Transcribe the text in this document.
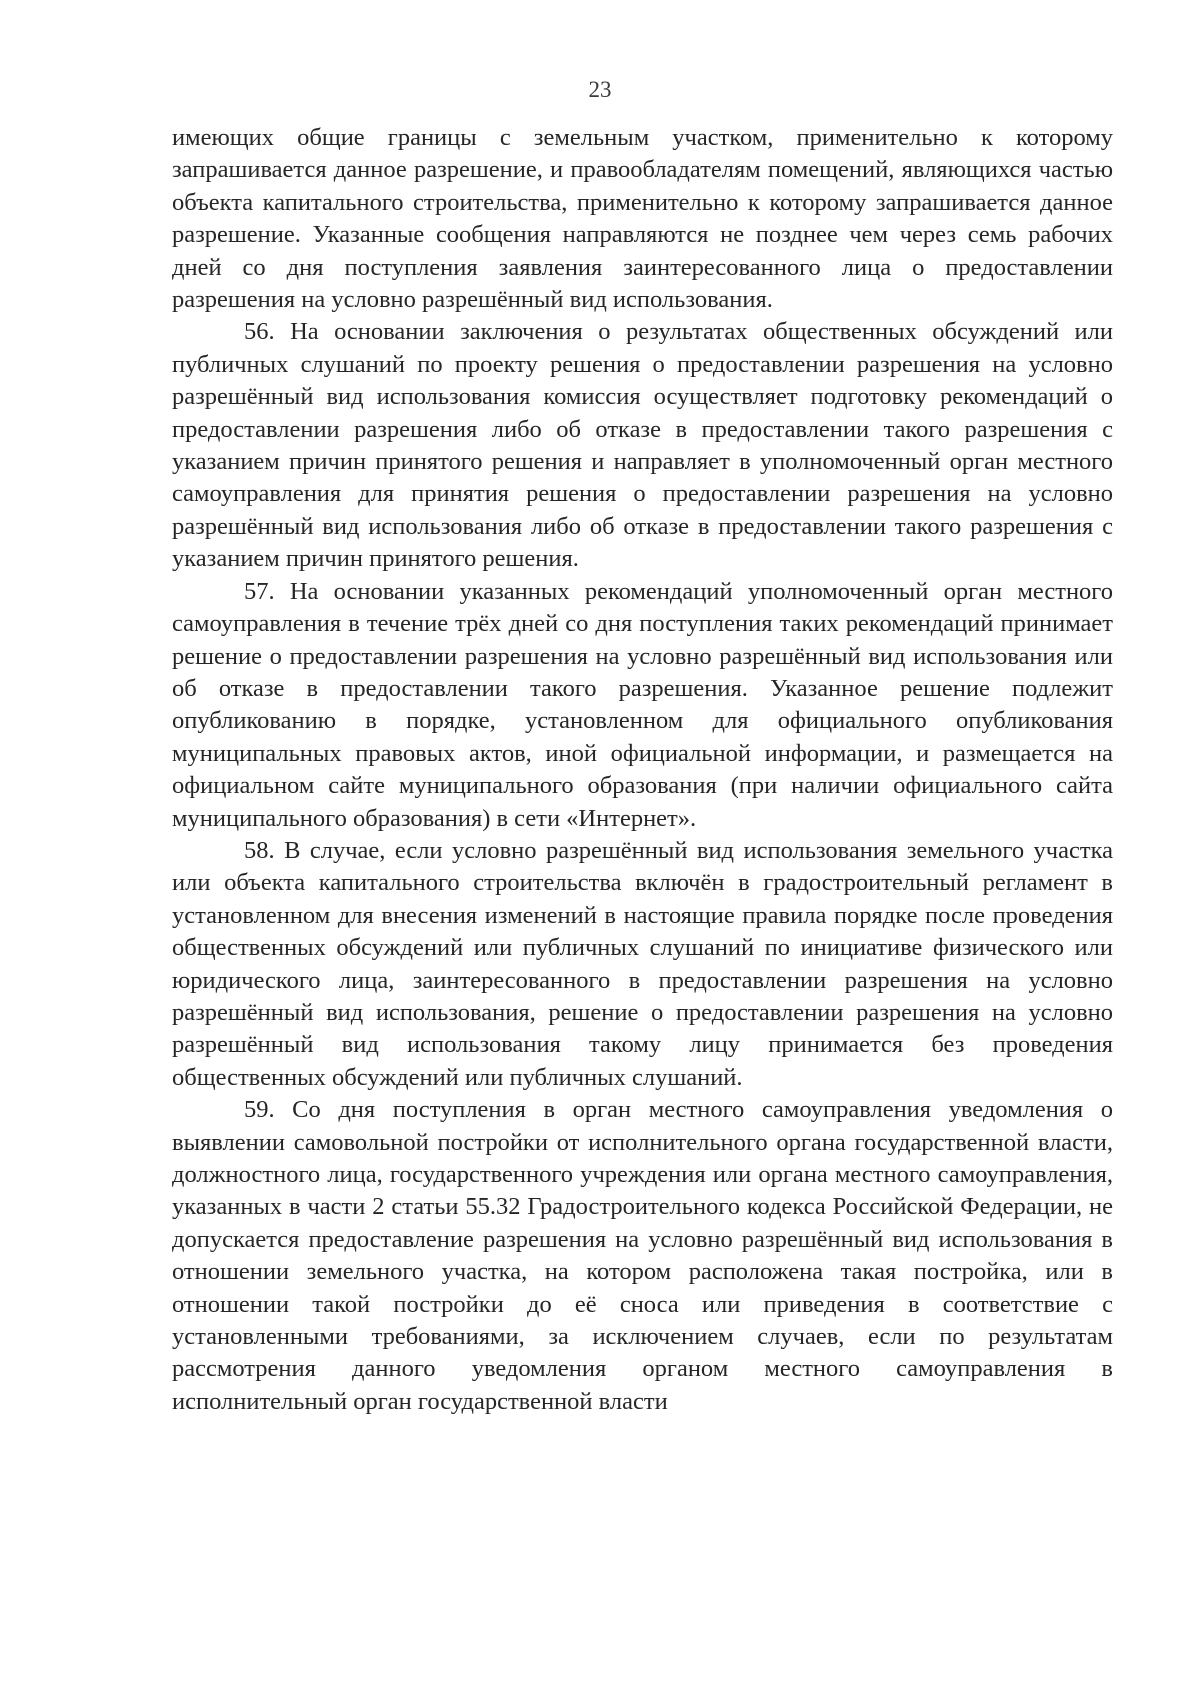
23

имеющих общие границы с земельным участком, применительно к которому запрашивается данное разрешение, и правообладателям помещений, являющихся частью объекта капитального строительства, применительно к которому запрашивается данное разрешение. Указанные сообщения направляются не позднее чем через семь рабочих дней со дня поступления заявления заинтересованного лица о предоставлении разрешения на условно разрешённый вид использования.

56. На основании заключения о результатах общественных обсуждений или публичных слушаний по проекту решения о предоставлении разрешения на условно разрешённый вид использования комиссия осуществляет подготовку рекомендаций о предоставлении разрешения либо об отказе в предоставлении такого разрешения с указанием причин принятого решения и направляет в уполномоченный орган местного самоуправления для принятия решения о предоставлении разрешения на условно разрешённый вид использования либо об отказе в предоставлении такого разрешения с указанием причин принятого решения.

57. На основании указанных рекомендаций уполномоченный орган местного самоуправления в течение трёх дней со дня поступления таких рекомендаций принимает решение о предоставлении разрешения на условно разрешённый вид использования или об отказе в предоставлении такого разрешения. Указанное решение подлежит опубликованию в порядке, установленном для официального опубликования муниципальных правовых актов, иной официальной информации, и размещается на официальном сайте муниципального образования (при наличии официального сайта муниципального образования) в сети «Интернет».

58. В случае, если условно разрешённый вид использования земельного участка или объекта капитального строительства включён в градостроительный регламент в установленном для внесения изменений в настоящие правила порядке после проведения общественных обсуждений или публичных слушаний по инициативе физического или юридического лица, заинтересованного в предоставлении разрешения на условно разрешённый вид использования, решение о предоставлении разрешения на условно разрешённый вид использования такому лицу принимается без проведения общественных обсуждений или публичных слушаний.

59. Со дня поступления в орган местного самоуправления уведомления о выявлении самовольной постройки от исполнительного органа государственной власти, должностного лица, государственного учреждения или органа местного самоуправления, указанных в части 2 статьи 55.32 Градостроительного кодекса Российской Федерации, не допускается предоставление разрешения на условно разрешённый вид использования в отношении земельного участка, на котором расположена такая постройка, или в отношении такой постройки до её сноса или приведения в соответствие с установленными требованиями, за исключением случаев, если по результатам рассмотрения данного уведомления органом местного самоуправления в исполнительный орган государственной власти
